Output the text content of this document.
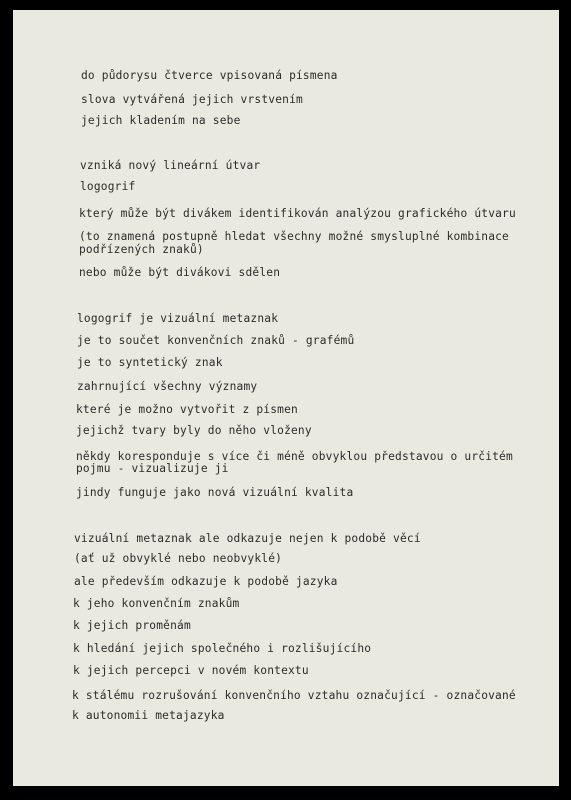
do půdorysu čtverce vpisovaná písmena
slova vytvářená jejich vrstvením
jejich kladením na sebe
vzniká nový lineární útvar
logogrif
který může být divákem identifikován analýzou grafického útvaru
(to znamená postupně hledat všechny možné smysluplné kombinace
podřízených znaků)
nebo může být divákovi sdělen
logogrif je vizuální metaznak
je to součet konvenčních znaků - grafémů
je to syntetický znak
zahrnující všechny významy
které je možno vytvořit z písmen
jejichž tvary byly do něho vloženy
někdy koresponduje s více či méně obvyklou představou o určitém
pojmu - vizualizuje ji
jindy funguje jako nová vizuální kvalita
vizuální metaznak ale odkazuje nejen k podobě věcí
(ať už obvyklé nebo neobvyklé)
ale především odkazuje k podobě jazyka
k jeho konvenčním znakům
k jejich proměnám
k hledání jejich společného i rozlišujícího
k jejich percepci v novém kontextu
k stálému rozrušování konvenčního vztahu označující - označované
k autonomii metajazyka
